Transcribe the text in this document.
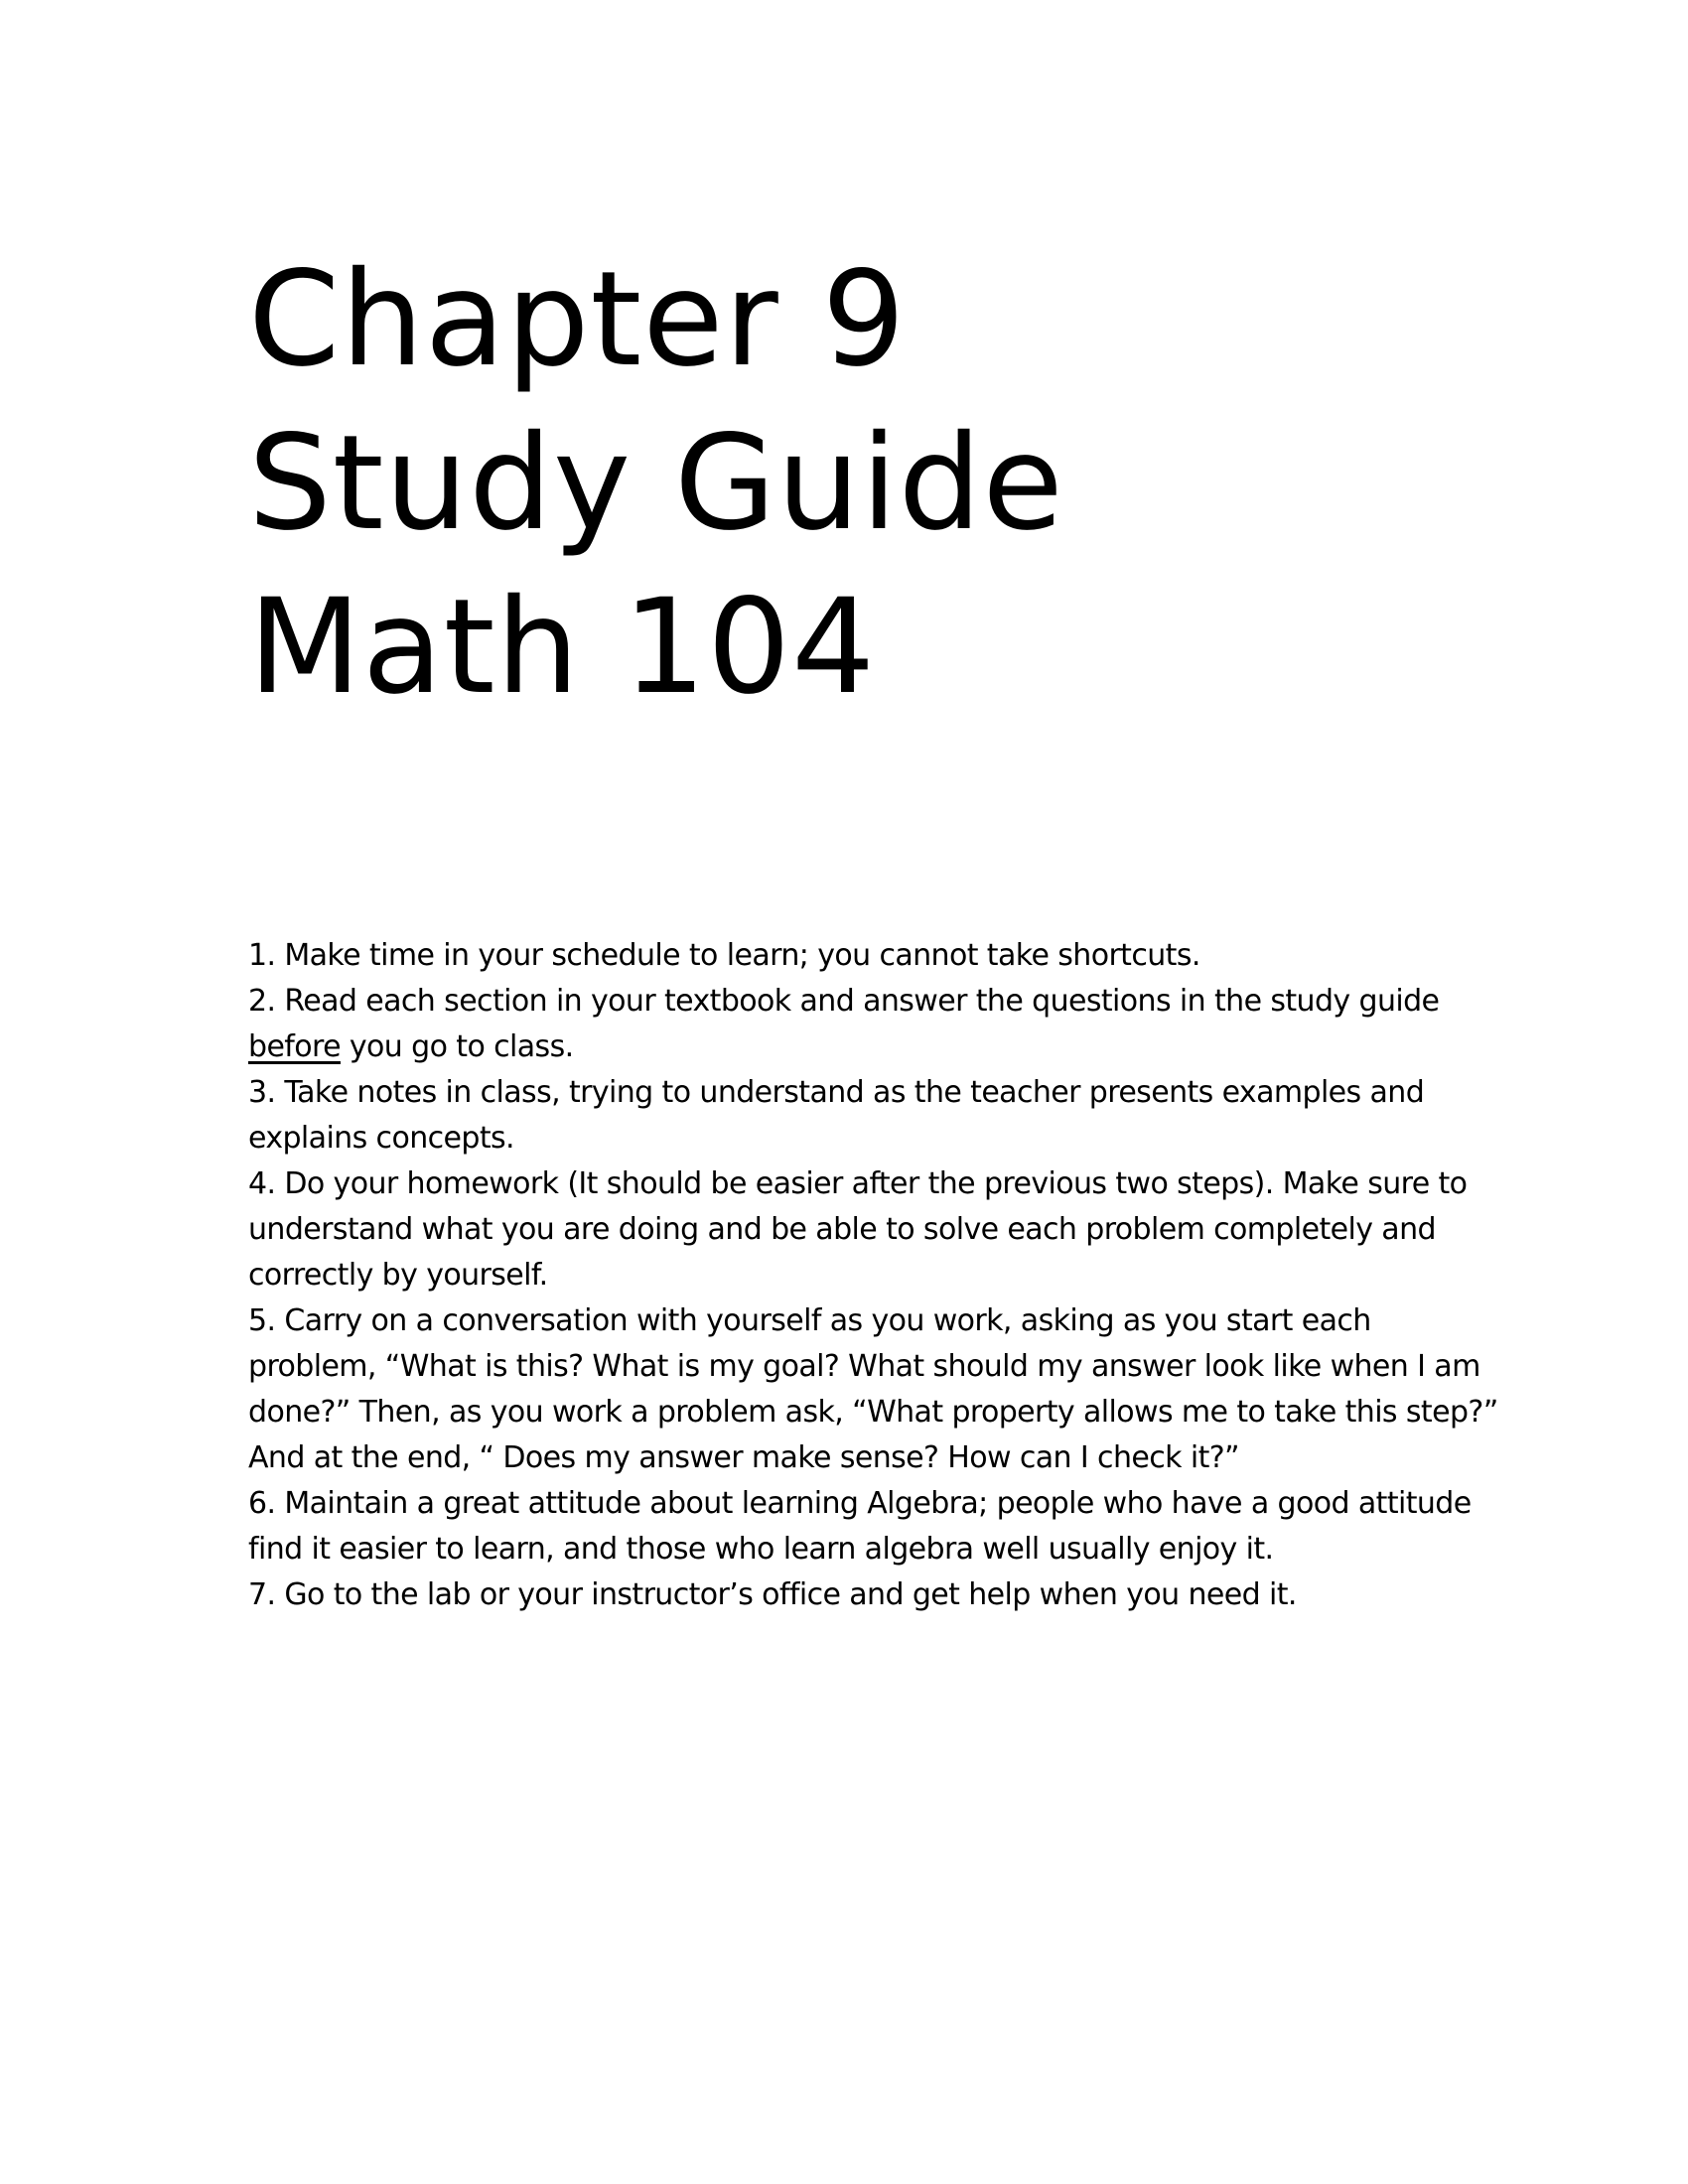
Chapter 9
Study Guide
Math 104
1. Make time in your schedule to learn; you cannot take shortcuts.
2. Read each section in your textbook and answer the questions in the study guide before you go to class.
3. Take notes in class, trying to understand as the teacher presents examples and explains concepts.
4. Do your homework (It should be easier after the previous two steps). Make sure to understand what you are doing and be able to solve each problem completely and correctly by yourself.
5. Carry on a conversation with yourself as you work, asking as you start each problem, “What is this? What is my goal? What should my answer look like when I am done?” Then, as you work a problem ask, “What property allows me to take this step?” And at the end, “ Does my answer make sense? How can I check it?”
6. Maintain a great attitude about learning Algebra; people who have a good attitude find it easier to learn, and those who learn algebra well usually enjoy it.
7. Go to the lab or your instructor’s office and get help when you need it.
